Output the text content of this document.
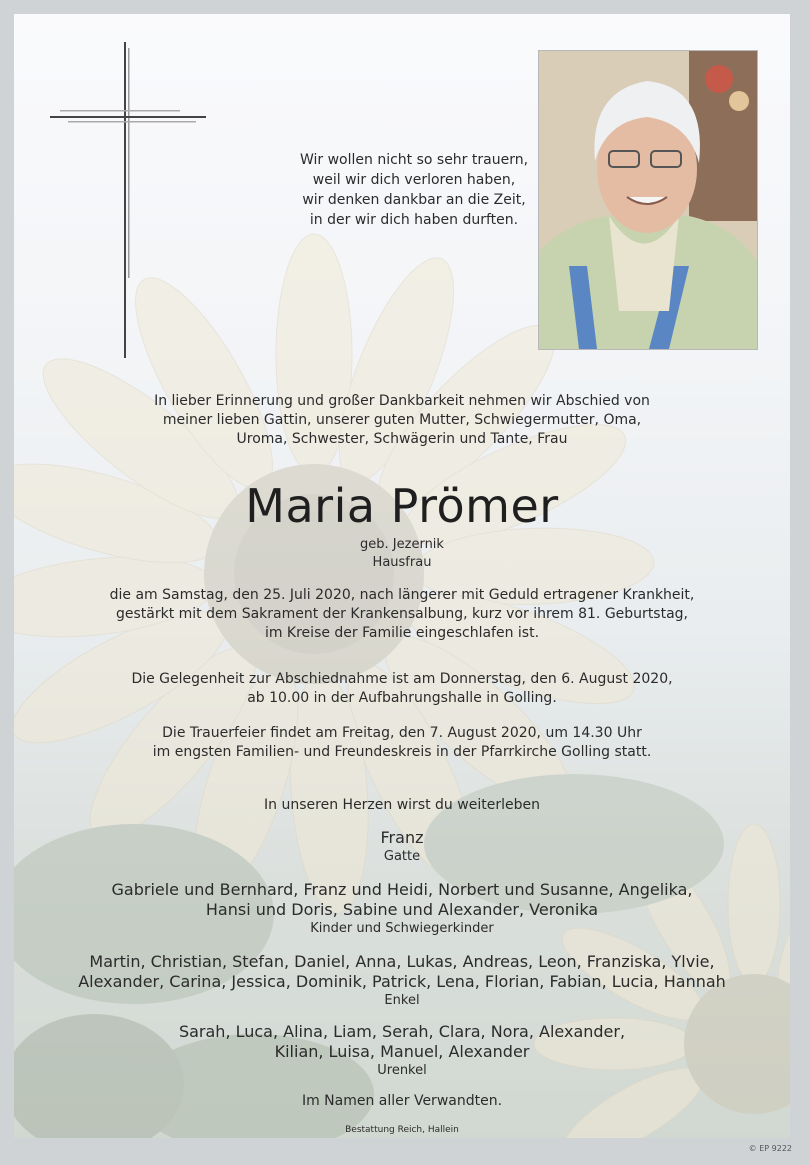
Wir wollen nicht so sehr trauern,
weil wir dich verloren haben,
wir denken dankbar an die Zeit,
in der wir dich haben durften.
In lieber Erinnerung und großer Dankbarkeit nehmen wir Abschied von
meiner lieben Gattin, unserer guten Mutter, Schwiegermutter, Oma,
Uroma, Schwester, Schwägerin und Tante, Frau
Maria Prömer
geb. Jezernik
Hausfrau
die am Samstag, den 25. Juli 2020, nach längerer mit Geduld ertragener Krankheit,
gestärkt mit dem Sakrament der Krankensalbung, kurz vor ihrem 81. Geburtstag,
im Kreise der Familie eingeschlafen ist.
Die Gelegenheit zur Abschiednahme ist am Donnerstag, den 6. August 2020,
ab 10.00 in der Aufbahrungshalle in Golling.
Die Trauerfeier findet am Freitag, den 7. August 2020, um 14.30 Uhr
im engsten Familien- und Freundeskreis in der Pfarrkirche Golling statt.
In unseren Herzen wirst du weiterleben
Franz
Gatte
Gabriele und Bernhard, Franz und Heidi, Norbert und Susanne, Angelika,
Hansi und Doris, Sabine und Alexander, Veronika
Kinder und Schwiegerkinder
Martin, Christian, Stefan, Daniel, Anna, Lukas, Andreas, Leon, Franziska, Ylvie,
Alexander, Carina, Jessica, Dominik, Patrick, Lena, Florian, Fabian, Lucia, Hannah
Enkel
Sarah, Luca, Alina, Liam, Serah, Clara, Nora, Alexander,
Kilian, Luisa, Manuel, Alexander
Urenkel
Im Namen aller Verwandten.
Bestattung Reich, Hallein
© EP 9222
